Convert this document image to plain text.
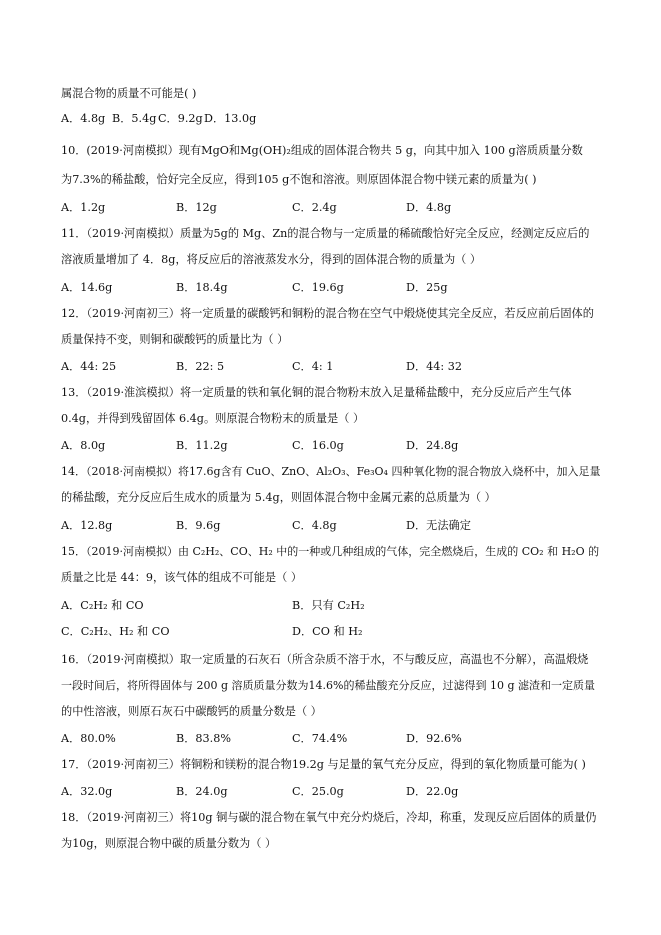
属混合物的质量不可能是( )
A．4.8g B．5.4g C．9.2g D．13.0g
10．(2019·河南模拟）现有MgO和Mg(OH)₂组成的固体混合物共 5 g，向其中加入 100 g溶质质量分数
为7.3%的稀盐酸，恰好完全反应，得到105 g不饱和溶液。则原固体混合物中镁元素的质量为( )
A．1.2g	B．12g	C．2.4g	D．4.8g
11．（2019·河南模拟）质量为5g的 Mg、Zn的混合物与一定质量的稀硫酸恰好完全反应，经测定反应后的
溶液质量增加了 4．8g，将反应后的溶液蒸发水分，得到的固体混合物的质量为（ ）
A．14.6g	B．18.4g	C．19.6g	D．25g
12．（2019·河南初三）将一定质量的碳酸钙和铜粉的混合物在空气中煅烧使其完全反应，若反应前后固体的
质量保持不变，则铜和碳酸钙的质量比为（ ）
A．44: 25	B．22: 5	C．4: 1	D．44: 32
13．（2019·淮滨模拟）将一定质量的铁和氧化铜的混合物粉末放入足量稀盐酸中，充分反应后产生气体
0.4g，并得到残留固体 6.4g。则原混合物粉末的质量是（ ）
A．8.0g	B．11.2g	C．16.0g	D．24.8g
14．（2018·河南模拟）将17.6g含有 CuO、ZnO、Al₂O₃、Fe₃O₄ 四种氧化物的混合物放入烧杯中，加入足量
的稀盐酸，充分反应后生成水的质量为 5.4g，则固体混合物中金属元素的总质量为（ ）
A．12.8g	B．9.6g	C．4.8g	D．无法确定
15．（2019·河南模拟）由 C₂H₂、CO、H₂ 中的一种或几种组成的气体，完全燃烧后，生成的 CO₂ 和 H₂O 的
质量之比是 44：9，该气体的组成不可能是（ ）
A．C₂H₂ 和 CO	B．只有 C₂H₂
C．C₂H₂、H₂ 和 CO	D．CO 和 H₂
16．（2019·河南模拟）取一定质量的石灰石（所含杂质不溶于水，不与酸反应，高温也不分解），高温煅烧
一段时间后，将所得固体与 200 g 溶质质量分数为14.6%的稀盐酸充分反应，过滤得到 10 g 滤渣和一定质量
的中性溶液，则原石灰石中碳酸钙的质量分数是（ ）
A．80.0%	B．83.8%	C．74.4%	D．92.6%
17．（2019·河南初三）将铜粉和镁粉的混合物19.2g 与足量的氧气充分反应，得到的氧化物质量可能为( )
A．32.0g	B．24.0g	C．25.0g	D．22.0g
18．（2019·河南初三）将10g 铜与碳的混合物在氧气中充分灼烧后，冷却，称重，发现反应后固体的质量仍
为10g，则原混合物中碳的质量分数为（ ）
